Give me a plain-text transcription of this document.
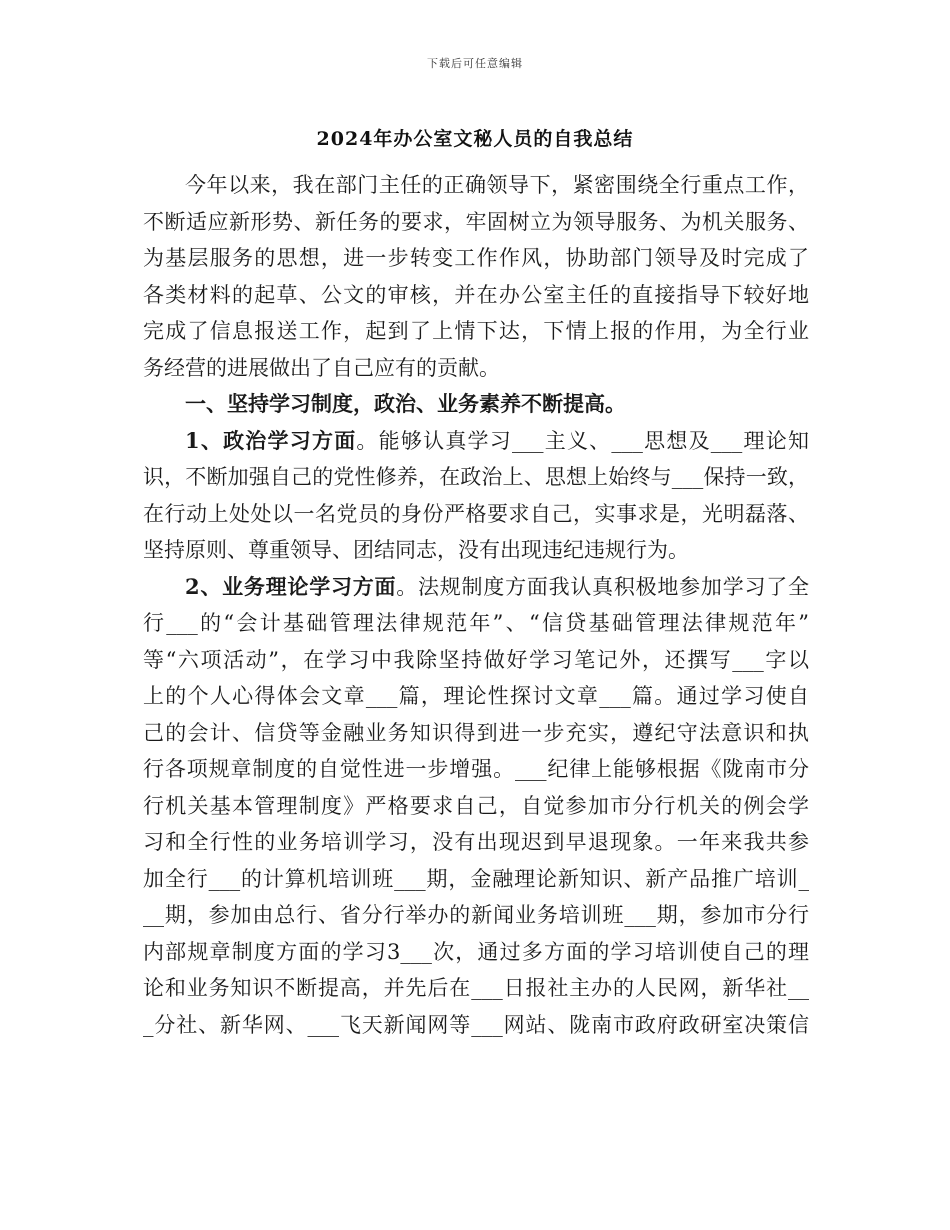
下载后可任意编辑
2024年办公室文秘人员的自我总结
今年以来，我在部门主任的正确领导下，紧密围绕全行重点工作，
不断适应新形势、新任务的要求，牢固树立为领导服务、为机关服务、
为基层服务的思想，进一步转变工作作风，协助部门领导及时完成了
各类材料的起草、公文的审核，并在办公室主任的直接指导下较好地
完成了信息报送工作，起到了上情下达，下情上报的作用，为全行业
务经营的进展做出了自己应有的贡献。
一、坚持学习制度，政治、业务素养不断提高。
1、政治学习方面。能够认真学习___主义、___思想及___理论知
识，不断加强自己的党性修养，在政治上、思想上始终与___保持一致，
在行动上处处以一名党员的身份严格要求自己，实事求是，光明磊落、
坚持原则、尊重领导、团结同志，没有出现违纪违规行为。
2、业务理论学习方面。法规制度方面我认真积极地参加学习了全
行___的“会计基础管理法律规范年”、“信贷基础管理法律规范年”
等“六项活动”，在学习中我除坚持做好学习笔记外，还撰写___字以
上的个人心得体会文章___篇，理论性探讨文章___篇。通过学习使自
己的会计、信贷等金融业务知识得到进一步充实，遵纪守法意识和执
行各项规章制度的自觉性进一步增强。___纪律上能够根据《陇南市分
行机关基本管理制度》严格要求自己，自觉参加市分行机关的例会学
习和全行性的业务培训学习，没有出现迟到早退现象。一年来我共参
加全行___的计算机培训班___期，金融理论新知识、新产品推广培训_
__期，参加由总行、省分行举办的新闻业务培训班___期，参加市分行
内部规章制度方面的学习3___次，通过多方面的学习培训使自己的理
论和业务知识不断提高，并先后在___日报社主办的人民网，新华社__
_分社、新华网、___飞天新闻网等___网站、陇南市政府政研室决策信
